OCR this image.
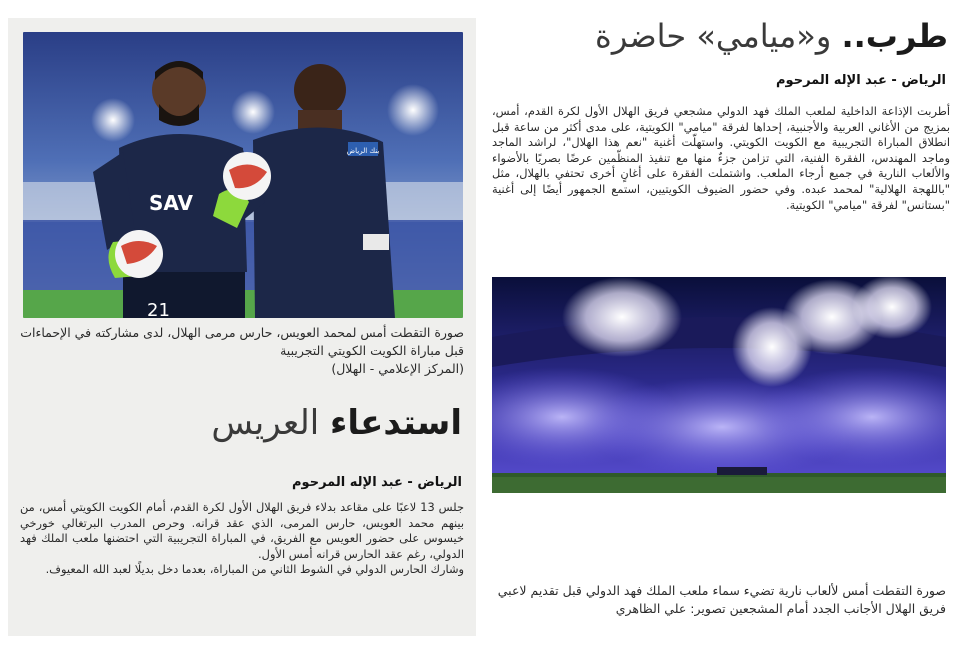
بنك الرياض
SAV
21
صورة التقطت أمس لمحمد العويس، حارس مرمى الهلال، لدى مشاركته في الإحماءات قبل مباراة الكويت الكويتي التجريبية
(المركز الإعلامي - الهلال)
استدعاء العريس
الرياض - عبد الإله المرحوم

جلس 13 لاعبًا على مقاعد بدلاء فريق الهلال الأول لكرة القدم، أمام الكويت الكويتي أمس، من بينهم محمد العويس، حارس المرمى، الذي عقد قرانه. وحرص المدرب البرتغالي خورخي خيسوس على حضور العويس مع الفريق، في المباراة التجريبية التي احتضنها ملعب الملك فهد الدولي، رغم عقد الحارس قرانه أمس الأول.

وشارك الحارس الدولي في الشوط الثاني من المباراة، بعدما دخل بديلًا لعبد الله المعيوف.

طرب.. و«ميامي» حاضرة
الرياض - عبد الإله المرحوم

أطربت الإذاعة الداخلية لملعب الملك فهد الدولي مشجعي فريق الهلال الأول لكرة القدم، أمس، بمزيج من الأغاني العربية والأجنبية، إحداها لفرقة "ميامي" الكويتية، على مدى أكثر من ساعة قبل انطلاق المباراة التجريبية مع الكويت الكويتي. واستهلّت أغنية "نعم هذا الهلال"، لراشد الماجد وماجد المهندس، الفقرة الفنية، التي تزامن جزءٌ منها مع تنفيذ المنظّمين عرضًا بصريًا بالأضواء والألعاب النارية في جميع أرجاء الملعب. واشتملت الفقرة على أغانٍ أخرى تحتفي بالهلال، مثل "باللهجة الهلالية" لمحمد عبده. وفي حضور الضيوف الكويتيين، استمع الجمهور أيضًا إلى أغنية "بستانس" لفرقة "ميامي" الكويتية.

صورة التقطت أمس لألعاب نارية تضيء سماء ملعب الملك فهد الدولي قبل تقديم لاعبي فريق الهلال الأجانب الجدد أمام المشجعين تصوير: علي الظاهري
